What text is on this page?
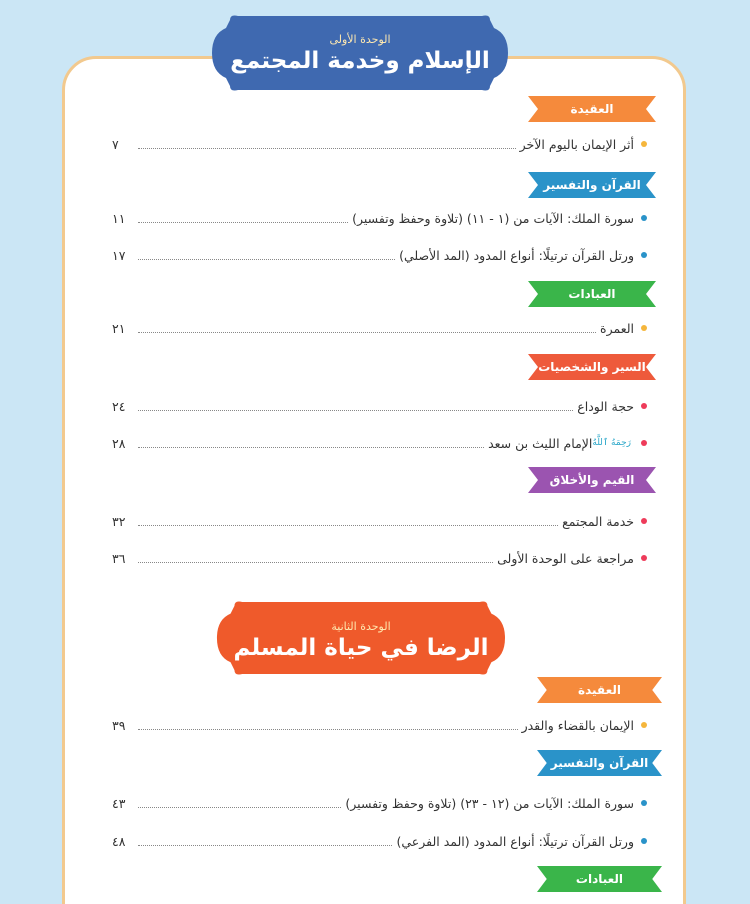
الوحدة الأولى
الإسلام وخدمة المجتمع
الوحدة الثانية
الرضا في حياة المسلم
العقيدة
القرآن والتفسير
العبادات
السير والشخصيات
القيم والأخلاق
العقيدة
القرآن والتفسير
العبادات
أثر الإيمان باليوم الآخر
٧
سورة الملك: الآيات من (١ - ١١) (تلاوة وحفظ وتفسير)
١١
ورتل القرآن ترتيلًا: أنواع المدود (المد الأصلي)
١٧
العمرة
٢١
حجة الوداع
٢٤
الإمام الليث بن سعد رَحِمَهُ ٱللَّهُ
٢٨
خدمة المجتمع
٣٢
مراجعة على الوحدة الأولى
٣٦
الإيمان بالقضاء والقدر
٣٩
سورة الملك: الآيات من (١٢ - ٢٣) (تلاوة وحفظ وتفسير)
٤٣
ورتل القرآن ترتيلًا: أنواع المدود (المد الفرعي)
٤٨
